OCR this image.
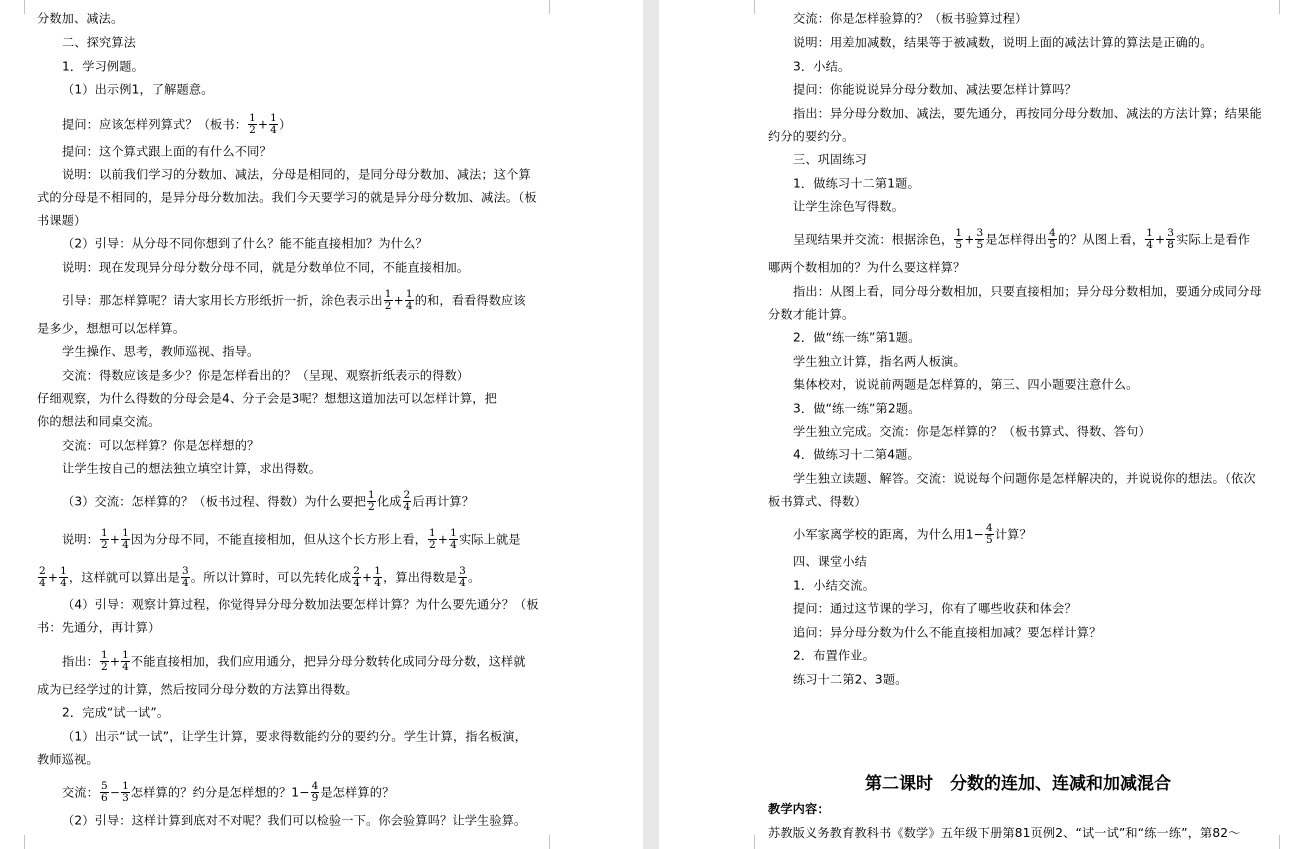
分数加、减法。
二、探究算法
1．学习例题。
（1）出示例1，了解题意。
提问：应该怎样列算式？（板书： $\frac{1}{2} + \frac{1}{4}$ ）
提问：这个算式跟上面的有什么不同？
说明：以前我们学习的分数加、减法，分母是相同的，是同分母分数加、减法；这个算
式的分母是不相同的，是异分母分数加法。我们今天要学习的就是异分母分数加、减法。（板
书课题）
（2）引导：从分母不同你想到了什么？能不能直接相加？为什么？
说明：现在发现异分母分数分母不同，就是分数单位不同，不能直接相加。
引导：那怎样算呢？请大家用长方形纸折一折，涂色表示出 $\frac{1}{2} + \frac{1}{4}$ 的和，看看得数应该
是多少，想想可以怎样算。
学生操作、思考，教师巡视、指导。
交流：得数应该是多少？你是怎样看出的？（呈现、观察折纸表示的得数）
仔细观察，为什么得数的分母会是4、分子会是3呢？想想这道加法可以怎样计算，把
你的想法和同桌交流。
交流：可以怎样算？你是怎样想的？
让学生按自己的想法独立填空计算，求出得数。
（3）交流：怎样算的？（板书过程、得数）为什么要把 $\frac{1}{2}$ 化成 $\frac{2}{4}$ 后再计算？
说明： $\frac{1}{2} + \frac{1}{4}$ 因为分母不同，不能直接相加，但从这个长方形上看， $\frac{1}{2} + \frac{1}{4}$ 实际上就是
$\frac{2}{4} + \frac{1}{4}$ ，这样就可以算出是 $\frac{3}{4}$ 。所以计算时，可以先转化成 $\frac{2}{4} + \frac{1}{4}$ ，算出得数是 $\frac{3}{4}$ 。
（4）引导：观察计算过程，你觉得异分母分数加法要怎样计算？为什么要先通分？（板
书：先通分，再计算）
指出： $\frac{1}{2} + \frac{1}{4}$ 不能直接相加，我们应用通分，把异分母分数转化成同分母分数，这样就
成为已经学过的计算，然后按同分母分数的方法算出得数。
2．完成“试一试”。
（1）出示“试一试”，让学生计算，要求得数能约分的要约分。学生计算，指名板演，
教师巡视。
交流： $\frac{5}{6} - \frac{1}{3}$ 怎样算的？约分是怎样想的？$1- \frac{4}{9}$ 是怎样算的？
（2）引导：这样计算到底对不对呢？我们可以检验一下。你会验算吗？让学生验算。
第二课时　分数的连加、连减和加减混合
教学内容：
苏教版义务教育教科书《数学》五年级下册第81页例2、“试一试”和“练一练”，第82～
交流：你是怎样验算的？（板书验算过程）
说明：用差加减数，结果等于被减数，说明上面的减法计算的算法是正确的。
3．小结。
提问：你能说说异分母分数加、减法要怎样计算吗？
指出：异分母分数加、减法，要先通分，再按同分母分数加、减法的方法计算；结果能
约分的要约分。
三、巩固练习
1．做练习十二第1题。
让学生涂色写得数。
呈现结果并交流：根据涂色， $\frac{1}{5} + \frac{3}{5}$ 是怎样得出 $\frac{4}{5}$ 的？从图上看， $\frac{1}{4} + \frac{3}{8}$ 实际上是看作
哪两个数相加的？为什么要这样算？
指出：从图上看，同分母分数相加，只要直接相加；异分母分数相加，要通分成同分母
分数才能计算。
2．做“练一练”第1题。
学生独立计算，指名两人板演。
集体校对，说说前两题是怎样算的，第三、四小题要注意什么。
3．做“练一练”第2题。
学生独立完成。交流：你是怎样算的？（板书算式、得数、答句）
4．做练习十二第4题。
学生独立读题、解答。交流：说说每个问题你是怎样解决的，并说说你的想法。（依次
板书算式、得数）
小军家离学校的距离，为什么用$1- \frac{4}{5}$ 计算？
四、课堂小结
1．小结交流。
提问：通过这节课的学习，你有了哪些收获和体会？
追问：异分母分数为什么不能直接相加减？要怎样计算？
2．布置作业。
练习十二第2、3题。
